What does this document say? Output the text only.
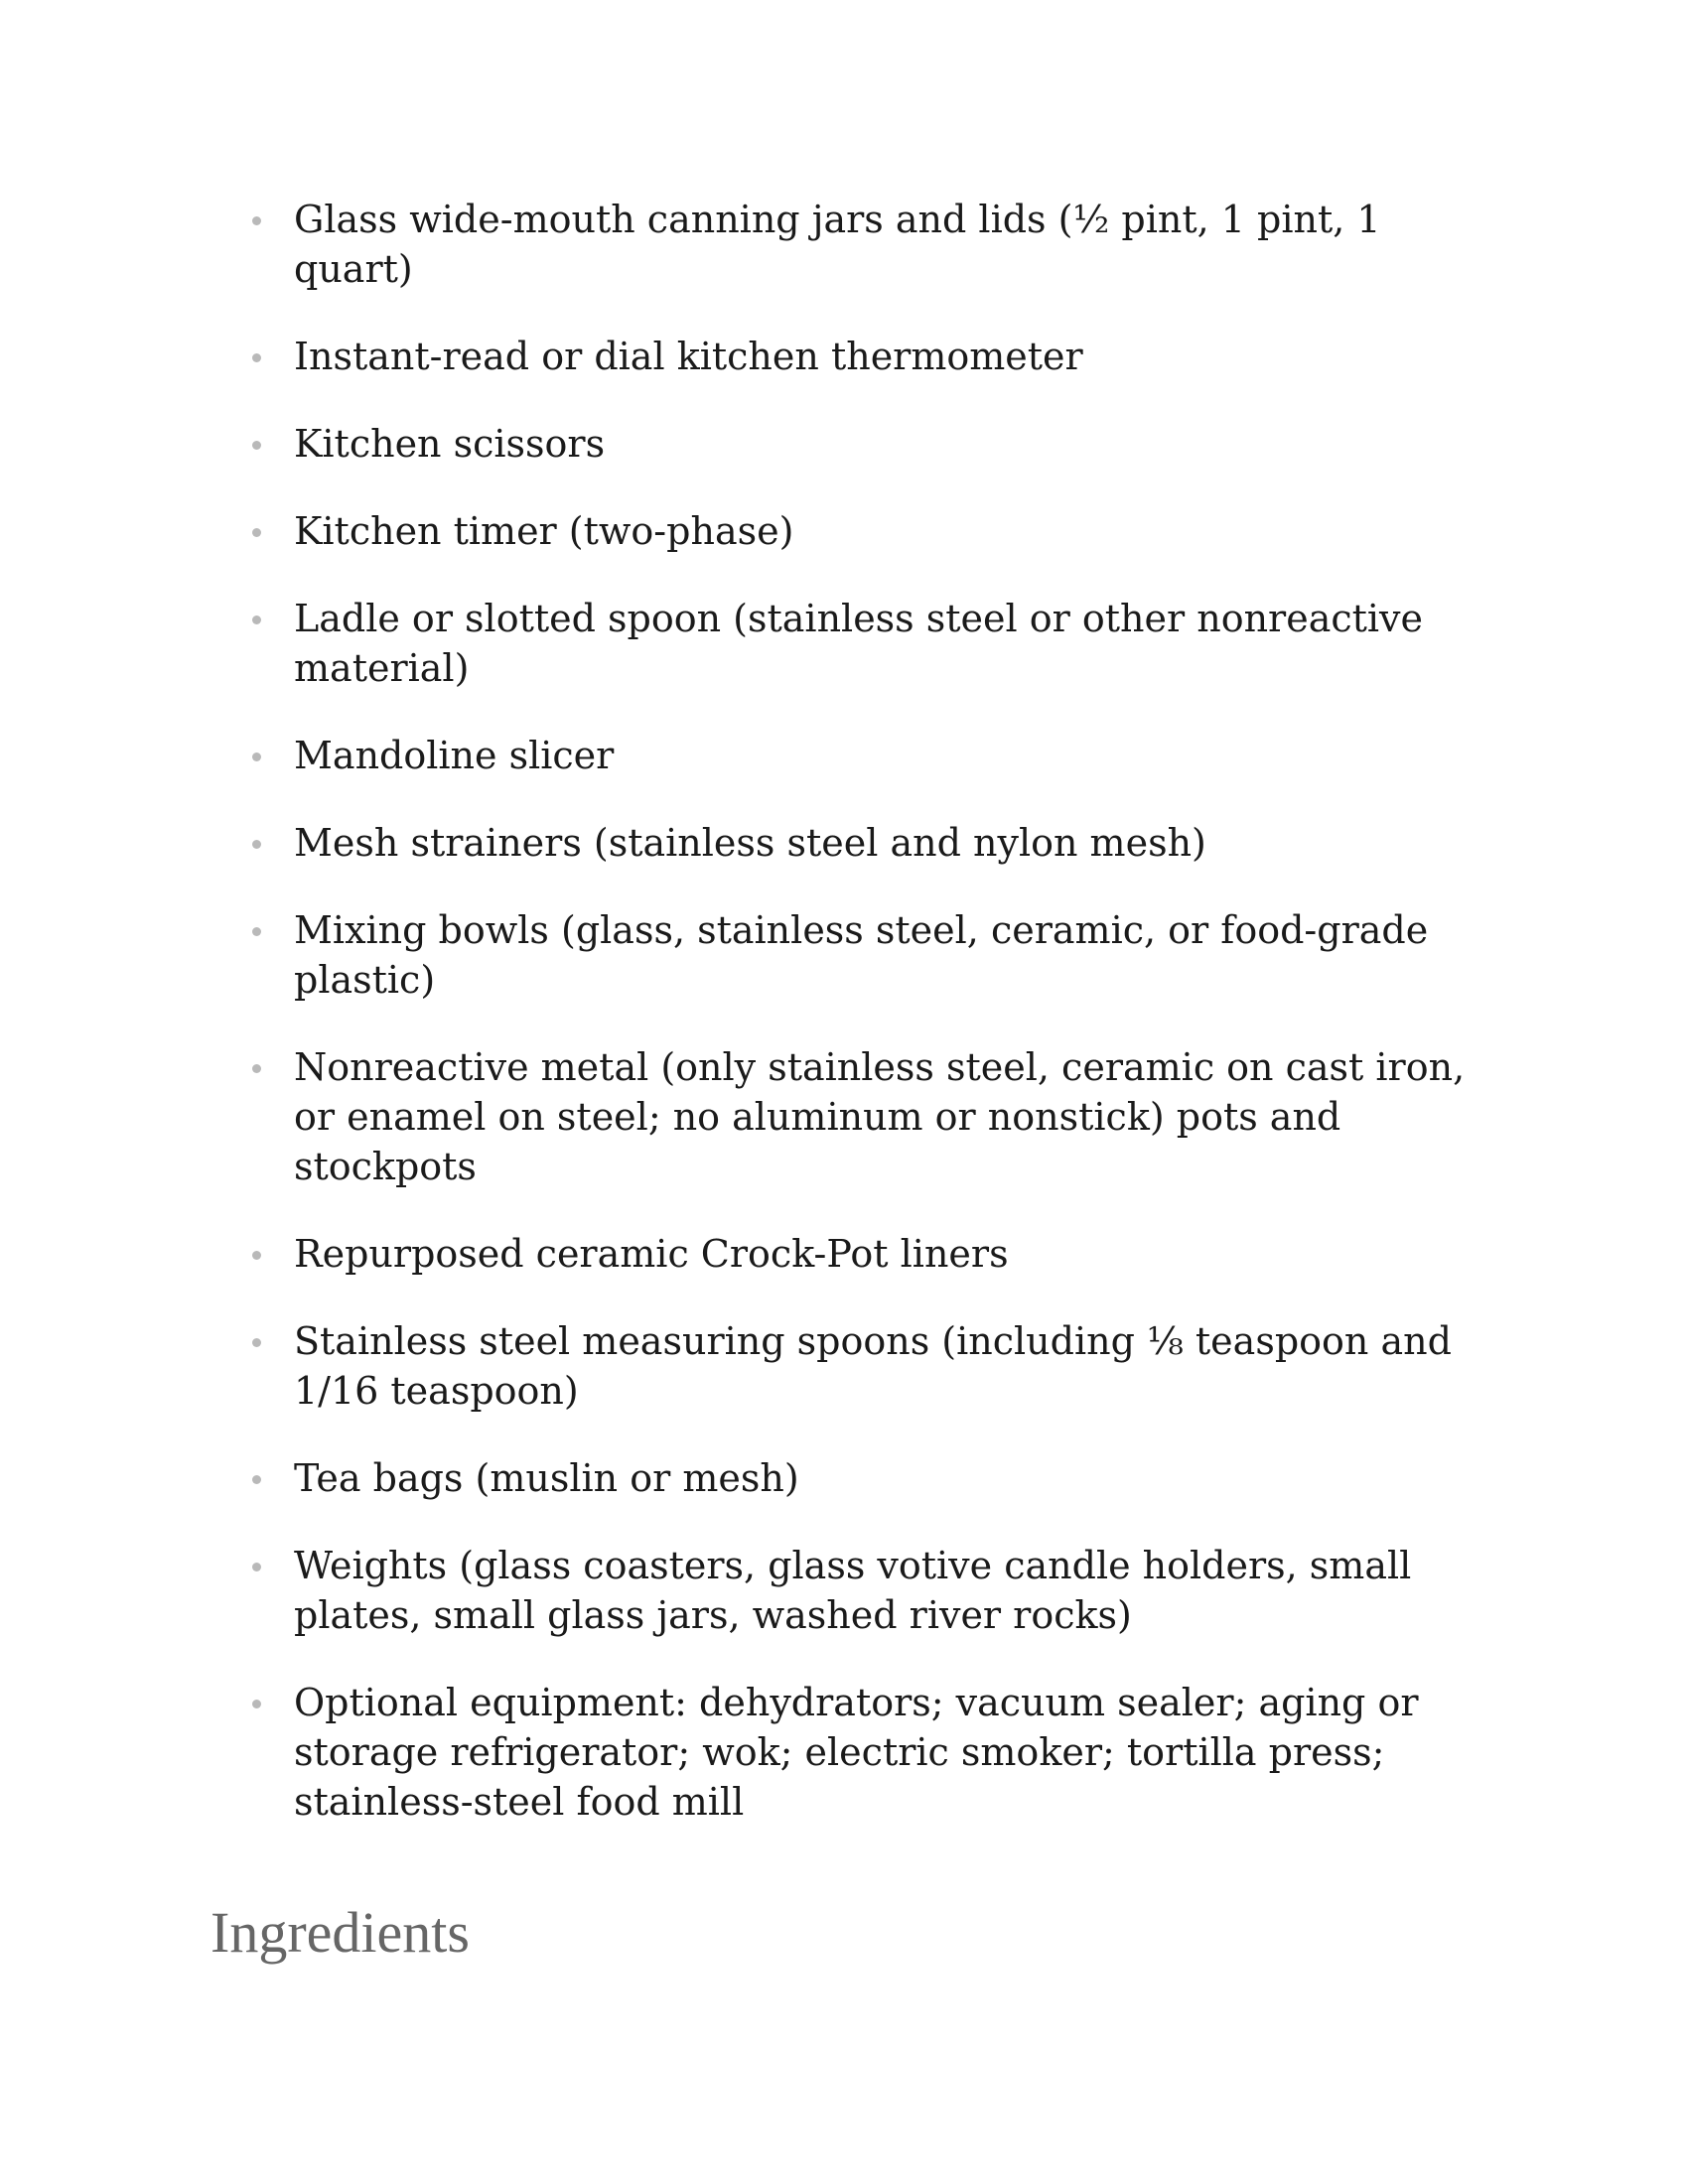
Glass wide-mouth canning jars and lids (½ pint, 1 pint, 1 quart)
Instant-read or dial kitchen thermometer
Kitchen scissors
Kitchen timer (two-phase)
Ladle or slotted spoon (stainless steel or other nonreactive material)
Mandoline slicer
Mesh strainers (stainless steel and nylon mesh)
Mixing bowls (glass, stainless steel, ceramic, or food-grade plastic)
Nonreactive metal (only stainless steel, ceramic on cast iron, or enamel on steel; no aluminum or nonstick) pots and stockpots
Repurposed ceramic Crock-Pot liners
Stainless steel measuring spoons (including ⅛ teaspoon and 1/16 teaspoon)
Tea bags (muslin or mesh)
Weights (glass coasters, glass votive candle holders, small plates, small glass jars, washed river rocks)
Optional equipment: dehydrators; vacuum sealer; aging or storage refrigerator; wok; electric smoker; tortilla press; stainless-steel food mill
Ingredients
